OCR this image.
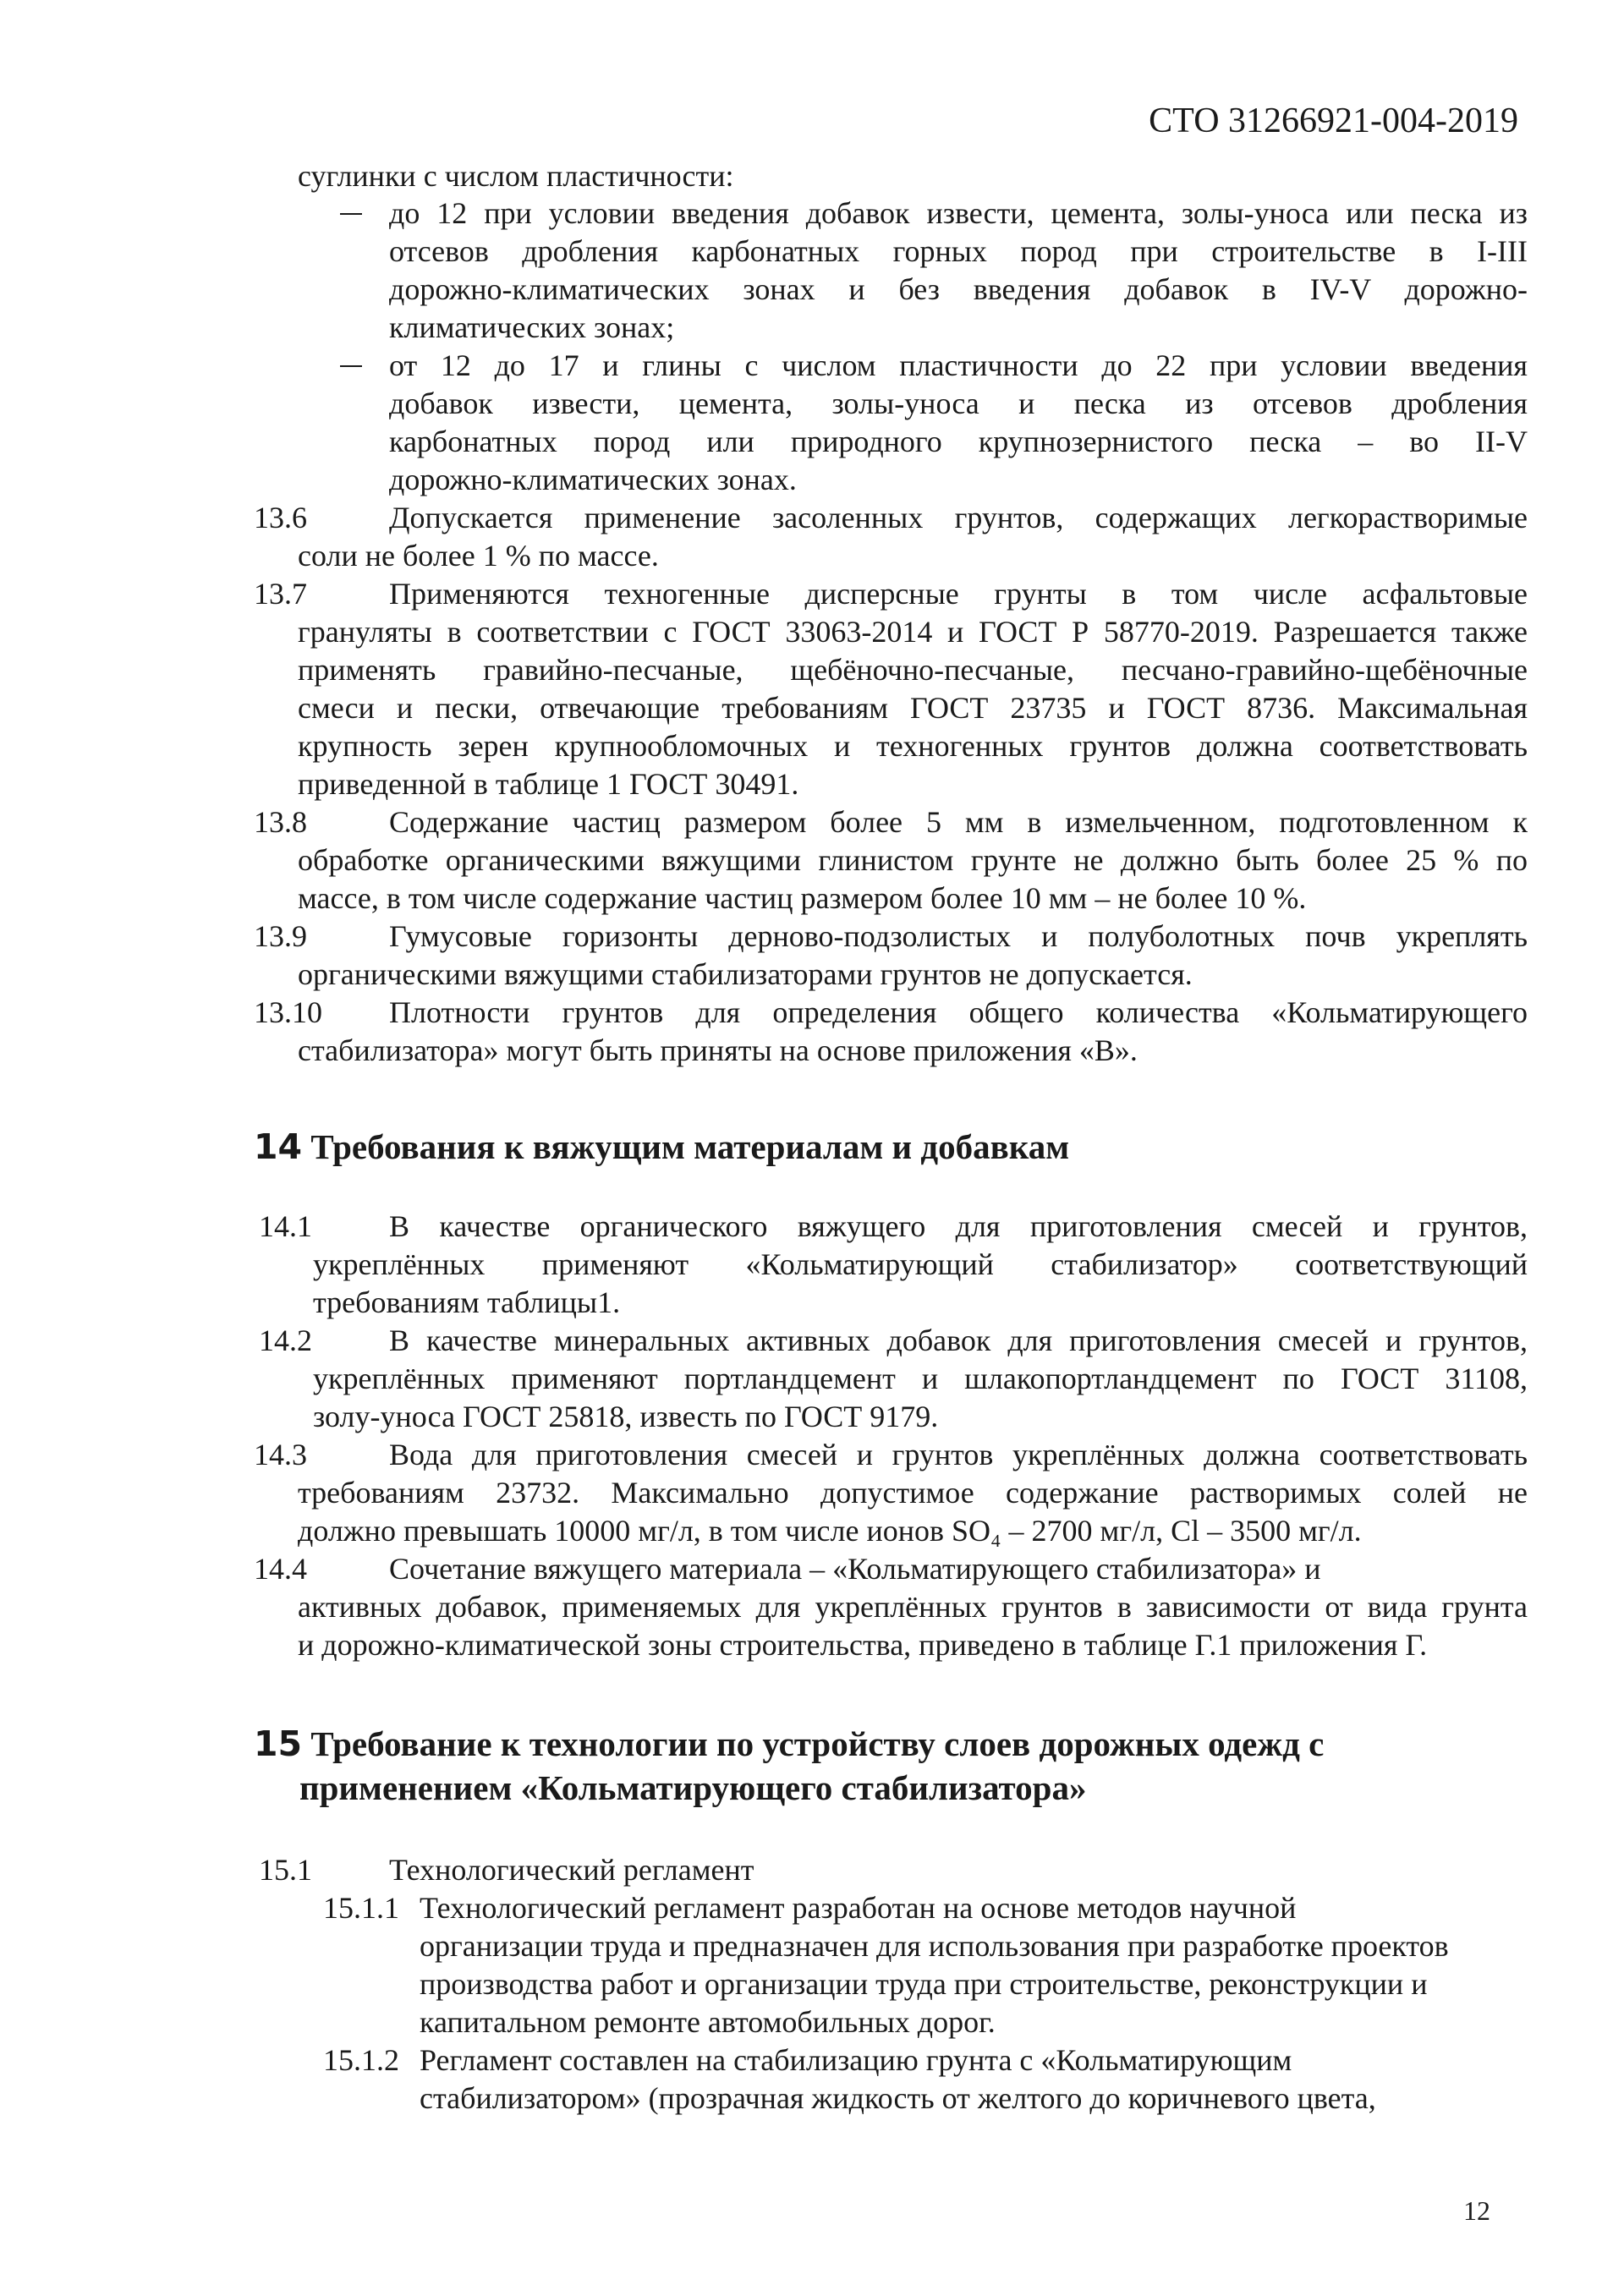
СТО 31266921-004-2019
суглинки с числом пластичности:
до 12 при условии введения добавок извести, цемента, золы-уноса или песка из
отсевов дробления карбонатных горных пород при строительстве в I-III
дорожно-климатических зонах и без введения добавок в IV-V дорожно-
климатических зонах;
от 12 до 17 и глины с числом пластичности до 22 при условии введения
добавок извести, цемента, золы-уноса и песка из отсевов дробления
карбонатных пород или природного крупнозернистого песка – во II-V
дорожно-климатических зонах.
13.6	Допускается применение засоленных грунтов, содержащих легкорастворимые
соли не более 1 % по массе.
13.7	Применяются техногенные дисперсные грунты в том числе асфальтовые
грануляты в соответствии с ГОСТ 33063-2014 и ГОСТ Р 58770-2019. Разрешается также
применять гравийно-песчаные, щебёночно-песчаные, песчано-гравийно-щебёночные
смеси и пески, отвечающие требованиям ГОСТ 23735 и ГОСТ 8736. Максимальная
крупность зерен крупнообломочных и техногенных грунтов должна соответствовать
приведенной в таблице 1 ГОСТ 30491.
13.8	Содержание частиц размером более 5 мм в измельченном, подготовленном к
обработке органическими вяжущими глинистом грунте не должно быть более 25 % по
массе, в том числе содержание частиц размером более 10 мм – не более 10 %.
13.9	Гумусовые горизонты дерново-подзолистых и полуболотных почв укреплять
органическими вяжущими стабилизаторами грунтов не допускается.
13.10	Плотности грунтов для определения общего количества «Кольматирующего
стабилизатора» могут быть приняты на основе приложения «В».
14 Требования к вяжущим материалам и добавкам
14.1	В качестве органического вяжущего для приготовления смесей и грунтов,
укреплённых применяют «Кольматирующий стабилизатор» соответствующий
требованиям таблицы1.
14.2	В качестве минеральных активных добавок для приготовления смесей и грунтов,
укреплённых применяют портландцемент и шлакопортландцемент по ГОСТ 31108,
золу-уноса ГОСТ 25818, известь по ГОСТ 9179.
14.3	Вода для приготовления смесей и грунтов укреплённых должна соответствовать
требованиям 23732. Максимально допустимое содержание растворимых солей не
должно превышать 10000 мг/л, в том числе ионов SO₄ – 2700 мг/л, Cl – 3500 мг/л.
14.4	Сочетание вяжущего материала – «Кольматирующего стабилизатора» и
активных добавок, применяемых для укреплённых грунтов в зависимости от вида грунта
и дорожно-климатической зоны строительства, приведено в таблице Г.1 приложения Г.
15 Требование к технологии по устройству слоев дорожных одежд с
применением «Кольматирующего стабилизатора»
15.1	Технологический регламент
15.1.1 Технологический регламент разработан на основе методов научной
организации труда и предназначен для использования при разработке проектов
производства работ и организации труда при строительстве, реконструкции и
капитальном ремонте автомобильных дорог.
15.1.2 Регламент составлен на стабилизацию грунта с «Кольматирующим
стабилизатором» (прозрачная жидкость от желтого до коричневого цвета,
12
